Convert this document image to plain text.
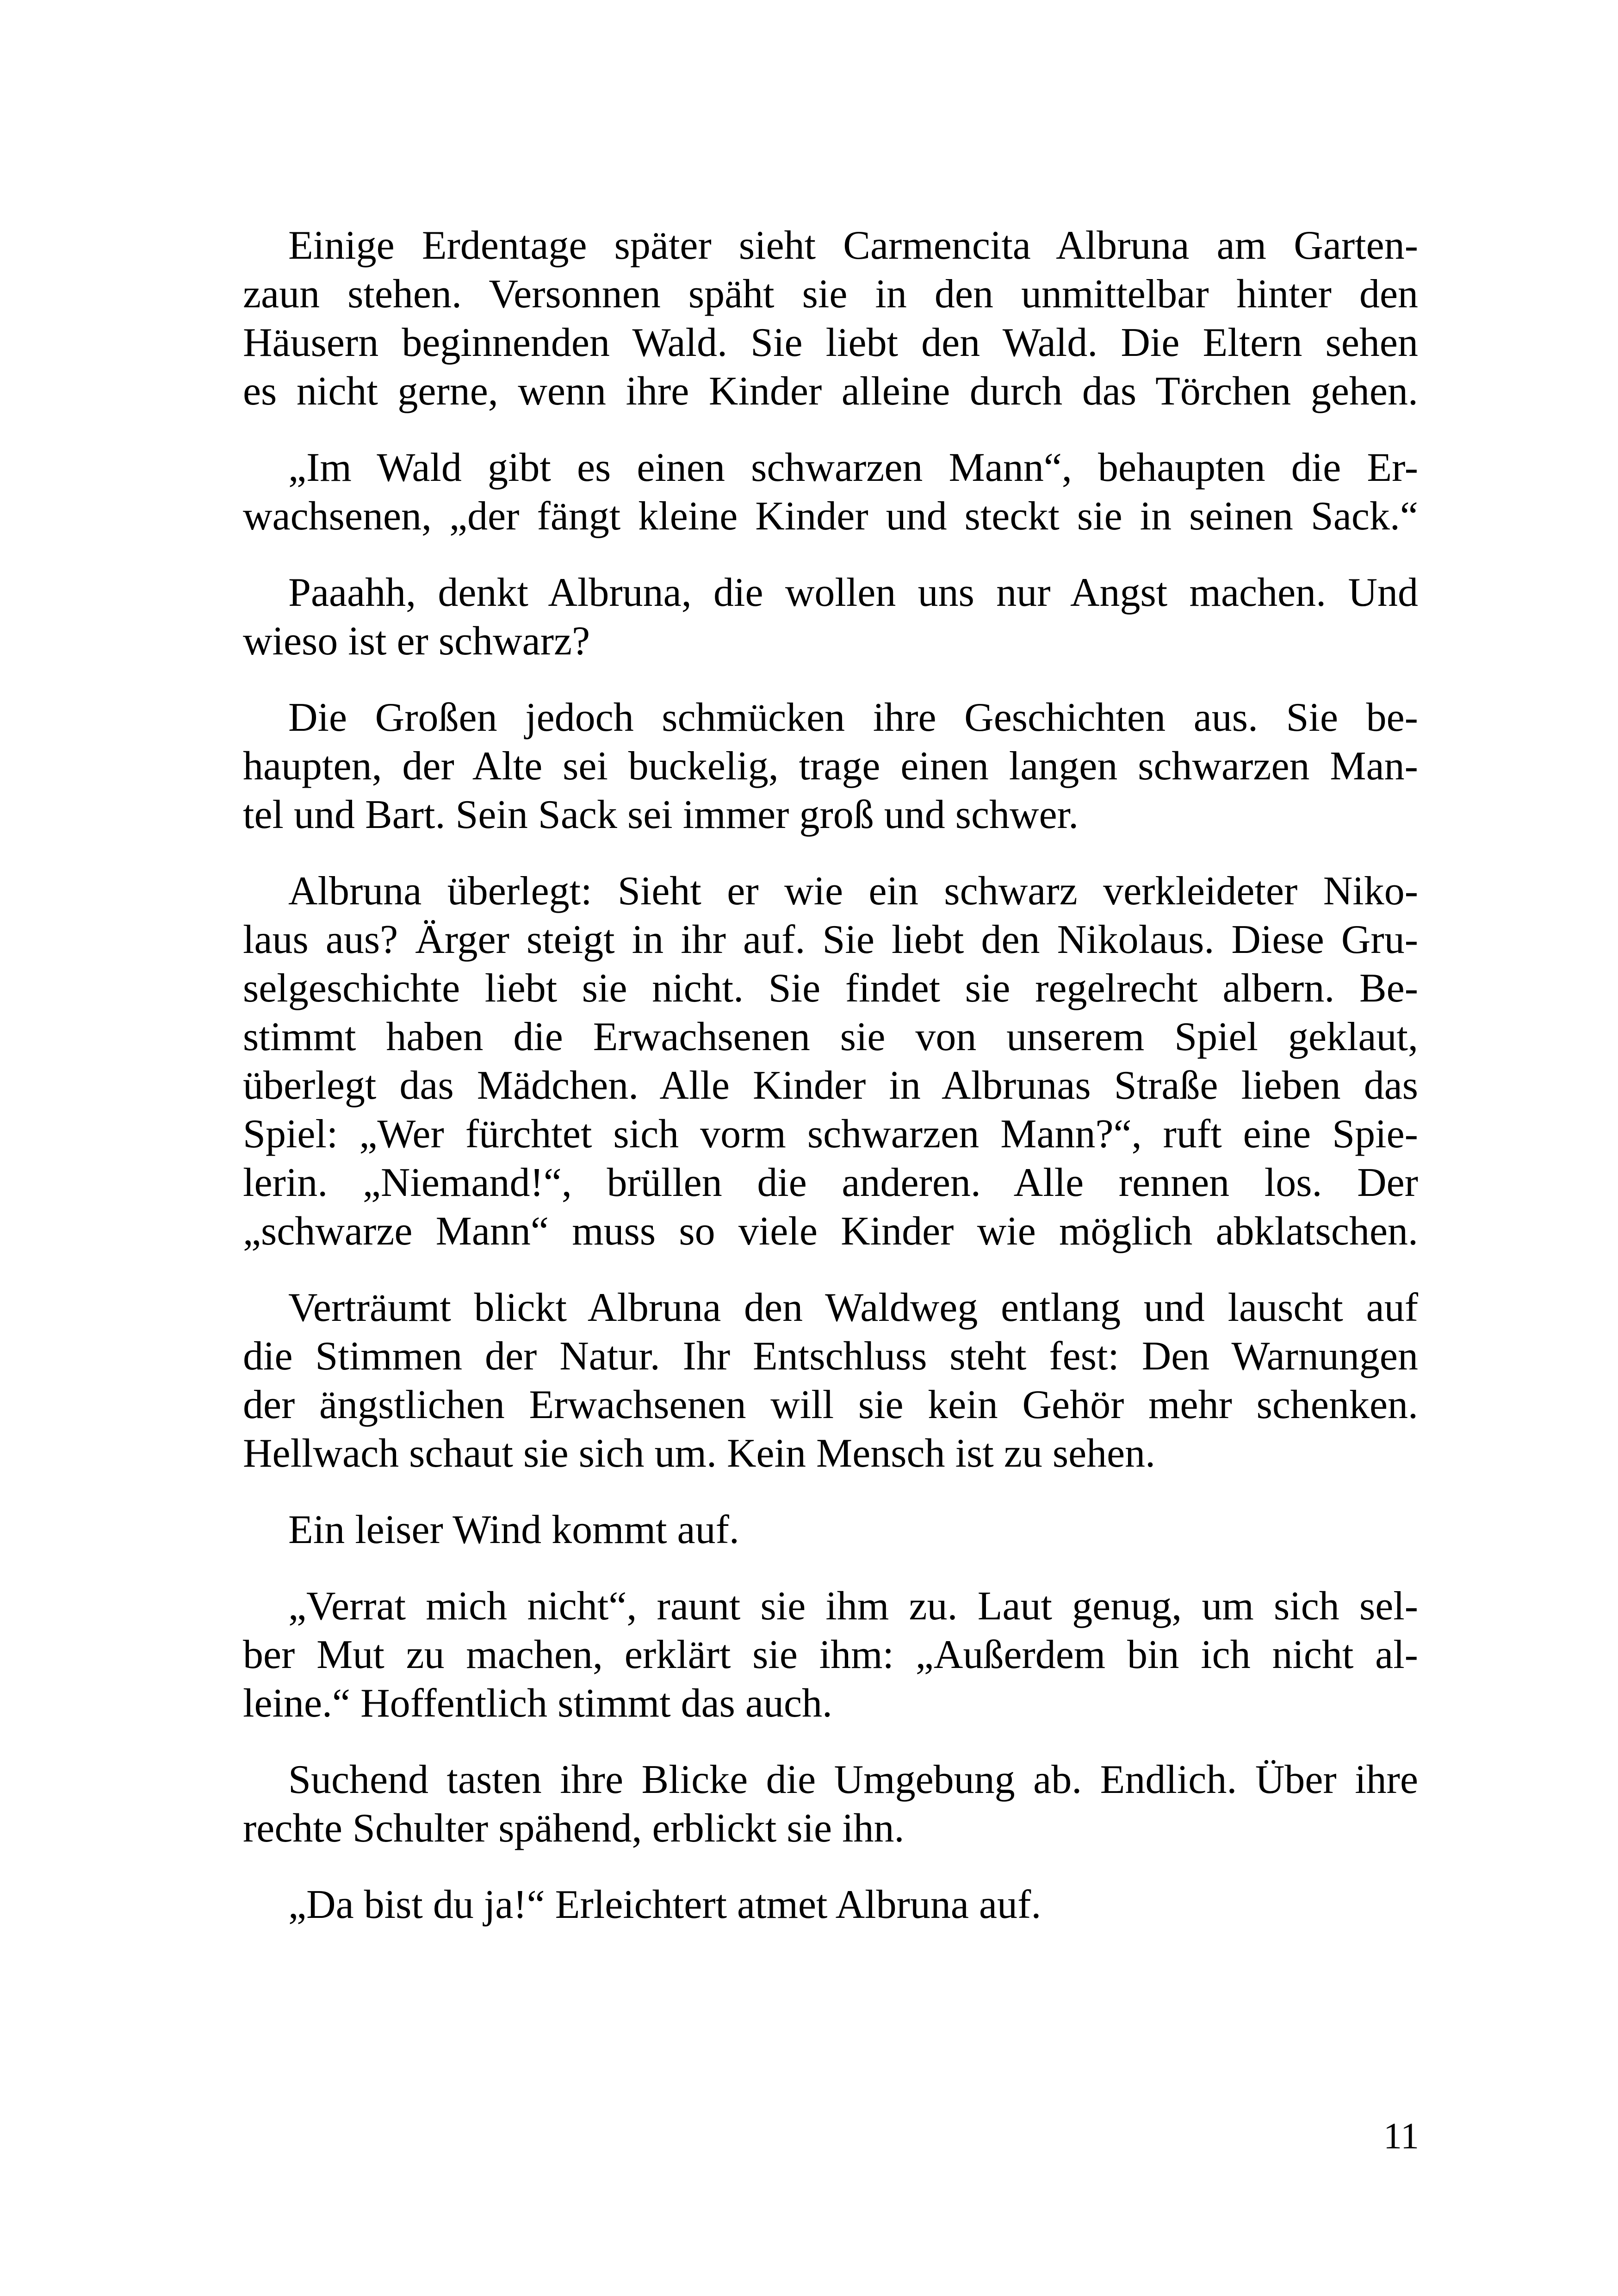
Einige Erdentage später sieht Carmencita Albruna am Garten-
zaun stehen. Versonnen späht sie in den unmittelbar hinter den
Häusern beginnenden Wald. Sie liebt den Wald. Die Eltern sehen
es nicht gerne, wenn ihre Kinder alleine durch das Törchen gehen.
„Im Wald gibt es einen schwarzen Mann“, behaupten die Er-
wachsenen, „der fängt kleine Kinder und steckt sie in seinen Sack.“
Paaahh, denkt Albruna, die wollen uns nur Angst machen. Und
wieso ist er schwarz?
Die Großen jedoch schmücken ihre Geschichten aus. Sie be-
haupten, der Alte sei buckelig, trage einen langen schwarzen Man-
tel und Bart. Sein Sack sei immer groß und schwer.
Albruna überlegt: Sieht er wie ein schwarz verkleideter Niko-
laus aus? Ärger steigt in ihr auf. Sie liebt den Nikolaus. Diese Gru-
selgeschichte liebt sie nicht. Sie findet sie regelrecht albern. Be-
stimmt haben die Erwachsenen sie von unserem Spiel geklaut,
überlegt das Mädchen. Alle Kinder in Albrunas Straße lieben das
Spiel: „Wer fürchtet sich vorm schwarzen Mann?“, ruft eine Spie-
lerin. „Niemand!“, brüllen die anderen. Alle rennen los. Der
„schwarze Mann“ muss so viele Kinder wie möglich abklatschen.
Verträumt blickt Albruna den Waldweg entlang und lauscht auf
die Stimmen der Natur. Ihr Entschluss steht fest: Den Warnungen
der ängstlichen Erwachsenen will sie kein Gehör mehr schenken.
Hellwach schaut sie sich um. Kein Mensch ist zu sehen.
Ein leiser Wind kommt auf.
„Verrat mich nicht“, raunt sie ihm zu. Laut genug, um sich sel-
ber Mut zu machen, erklärt sie ihm: „Außerdem bin ich nicht al-
leine.“ Hoffentlich stimmt das auch.
Suchend tasten ihre Blicke die Umgebung ab. Endlich. Über ihre
rechte Schulter spähend, erblickt sie ihn.
„Da bist du ja!“ Erleichtert atmet Albruna auf.
11
